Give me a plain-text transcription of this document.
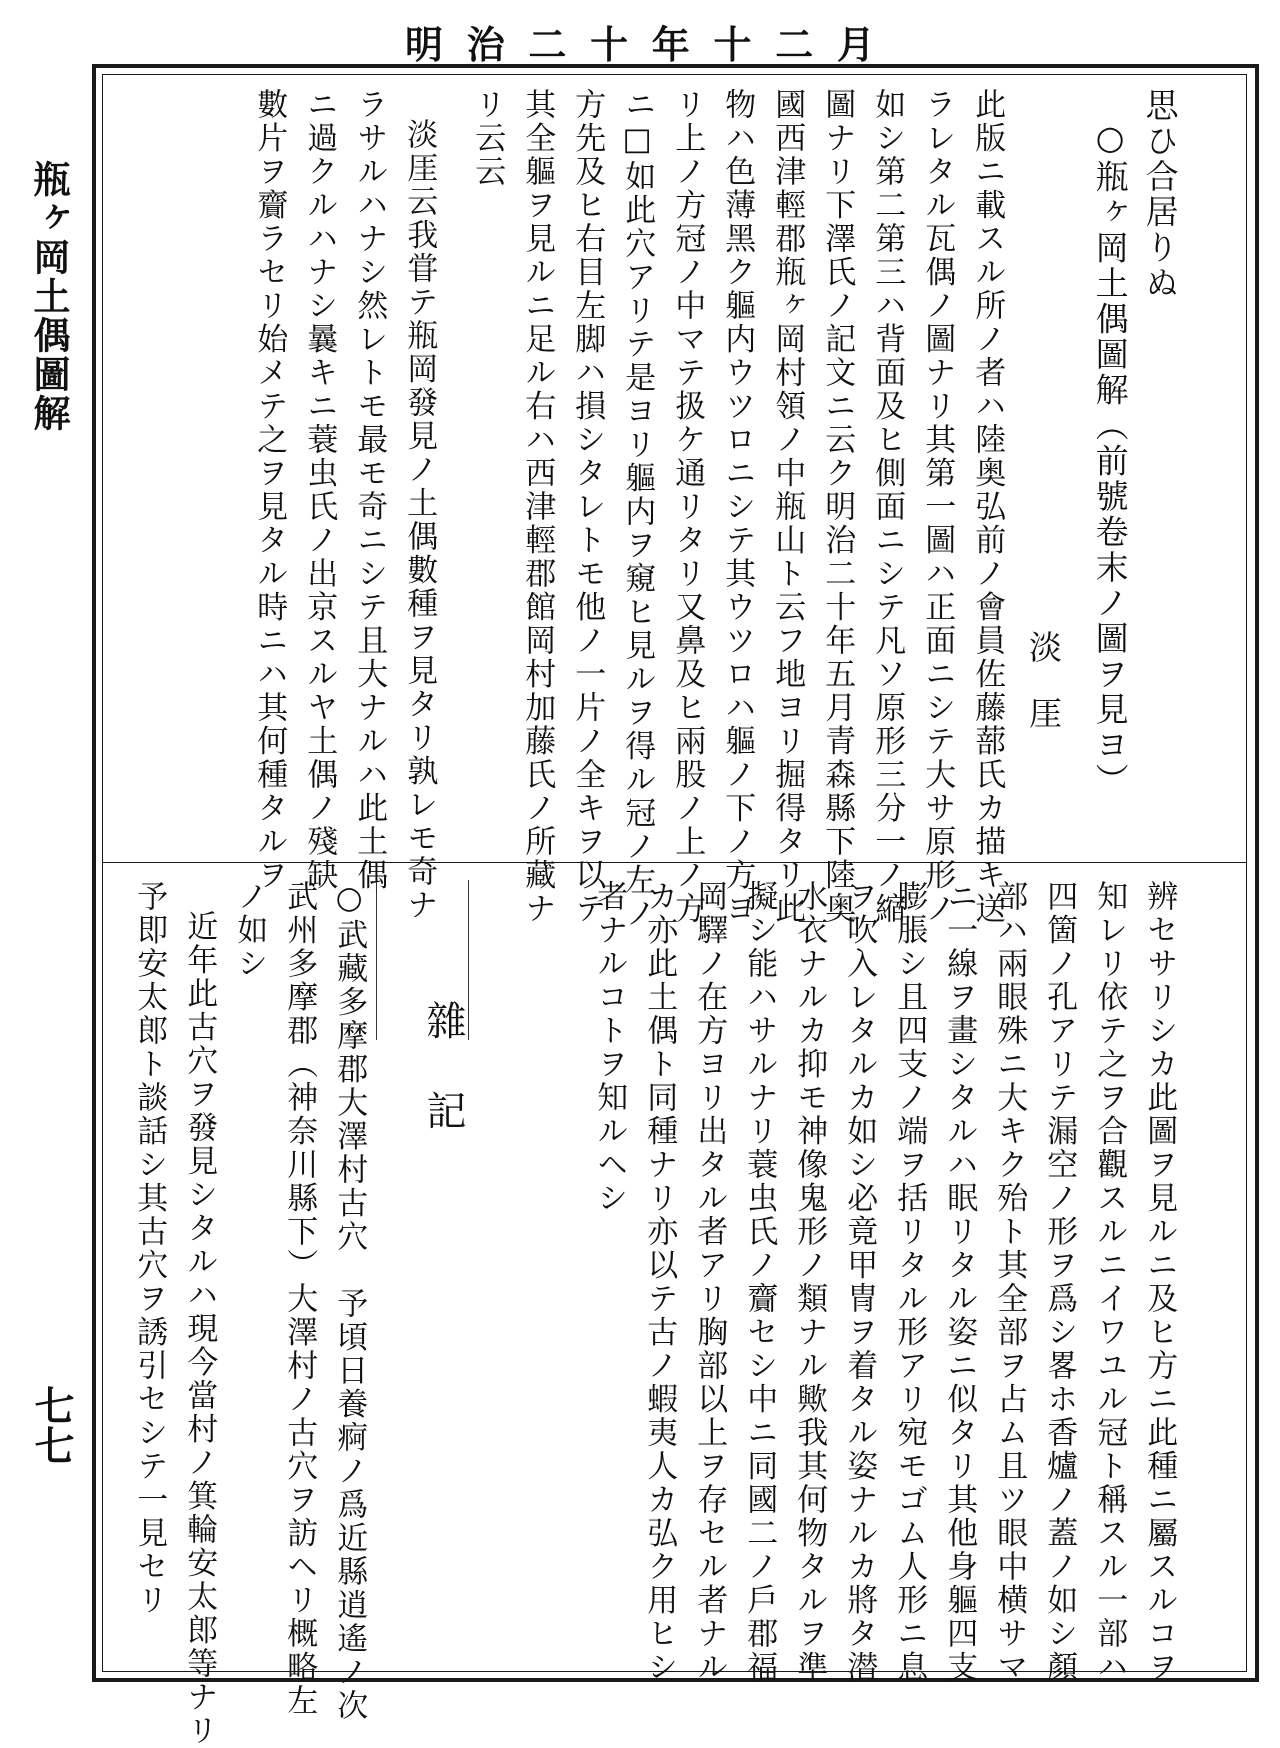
明 治 二 十 年 十 二 月
瓶ヶ岡土偶圖解
七七
思ひ合居りぬ
○瓶ヶ岡土偶圖解（前號卷末ノ圖ヲ見ヨ）
淡　厓
此版ニ載スル所ノ者ハ陸奥弘前ノ會員佐藤蔀氏カ描キ送
ラレタル瓦偶ノ圖ナリ其第一圖ハ正面ニシテ大サ原形ノ
如シ第二第三ハ背面及ヒ側面ニシテ凡ソ原形三分一ノ縮
圖ナリ下澤氏ノ記文ニ云ク明治二十年五月青森縣下陸奥
國西津輕郡瓶ヶ岡村領ノ中瓶山ト云フ地ヨリ掘得タリ此
物ハ色薄黑ク軀内ウツロニシテ其ウツロハ軀ノ下ノ方ヨ
リ上ノ方冠ノ中マテ扱ケ通リタリ又鼻及ヒ兩股ノ上ノ方
ニ□如此穴アリテ是ヨリ軀内ヲ窺ヒ見ルヲ得ル冠ノ左ノ
方先及ヒ右目左脚ハ損シタレトモ他ノ一片ノ全キヲ以テ
其全軀ヲ見ルニ足ル右ハ西津輕郡館岡村加藤氏ノ所藏ナ
リ云云
淡厓云我甞テ瓶岡發見ノ土偶數種ヲ見タリ孰レモ奇ナ
ラサルハナシ然レトモ最モ奇ニシテ且大ナルハ此土偶
ニ過クルハナシ曩キニ蓑虫氏ノ出京スルヤ土偶ノ殘缺
數片ヲ齎ラセリ始メテ之ヲ見タル時ニハ其何種タルヲ
辨セサリシカ此圖ヲ見ルニ及ヒ方ニ此種ニ屬スルコヲ
知レリ依テ之ヲ合觀スルニイワユル冠ト稱スル一部ハ
四箇ノ孔アリテ漏空ノ形ヲ爲シ畧ホ香爐ノ蓋ノ如シ顏
部ハ兩眼殊ニ大キク殆ト其全部ヲ占ム且ツ眼中横サマ
ニ一線ヲ畫シタルハ眠リタル姿ニ似タリ其他身軀四支
膨脹シ且四支ノ端ヲ括リタル形アリ宛モゴム人形ニ息
ヲ吹入レタルカ如シ必竟甲冑ヲ着タル姿ナルカ將タ潜
水衣ナルカ抑モ神像鬼形ノ類ナル歟我其何物タルヲ準
擬シ能ハサルナリ蓑虫氏ノ齎セシ中ニ同國二ノ戶郡福
岡驛ノ在方ヨリ出タル者アリ胸部以上ヲ存セル者ナル
カ亦此土偶ト同種ナリ亦以テ古ノ蝦夷人カ弘ク用ヒシ
者ナルコトヲ知ルヘシ
雜記
○武藏多摩郡大澤村古穴　予頃日養痾ノ爲近縣逍遙ノ次
武州多摩郡（神奈川縣下）大澤村ノ古穴ヲ訪ヘリ概略左
ノ如シ
近年此古穴ヲ發見シタルハ現今當村ノ箕輪安太郎等ナリ
予即安太郎ト談話シ其古穴ヲ誘引セシテ一見セリ
